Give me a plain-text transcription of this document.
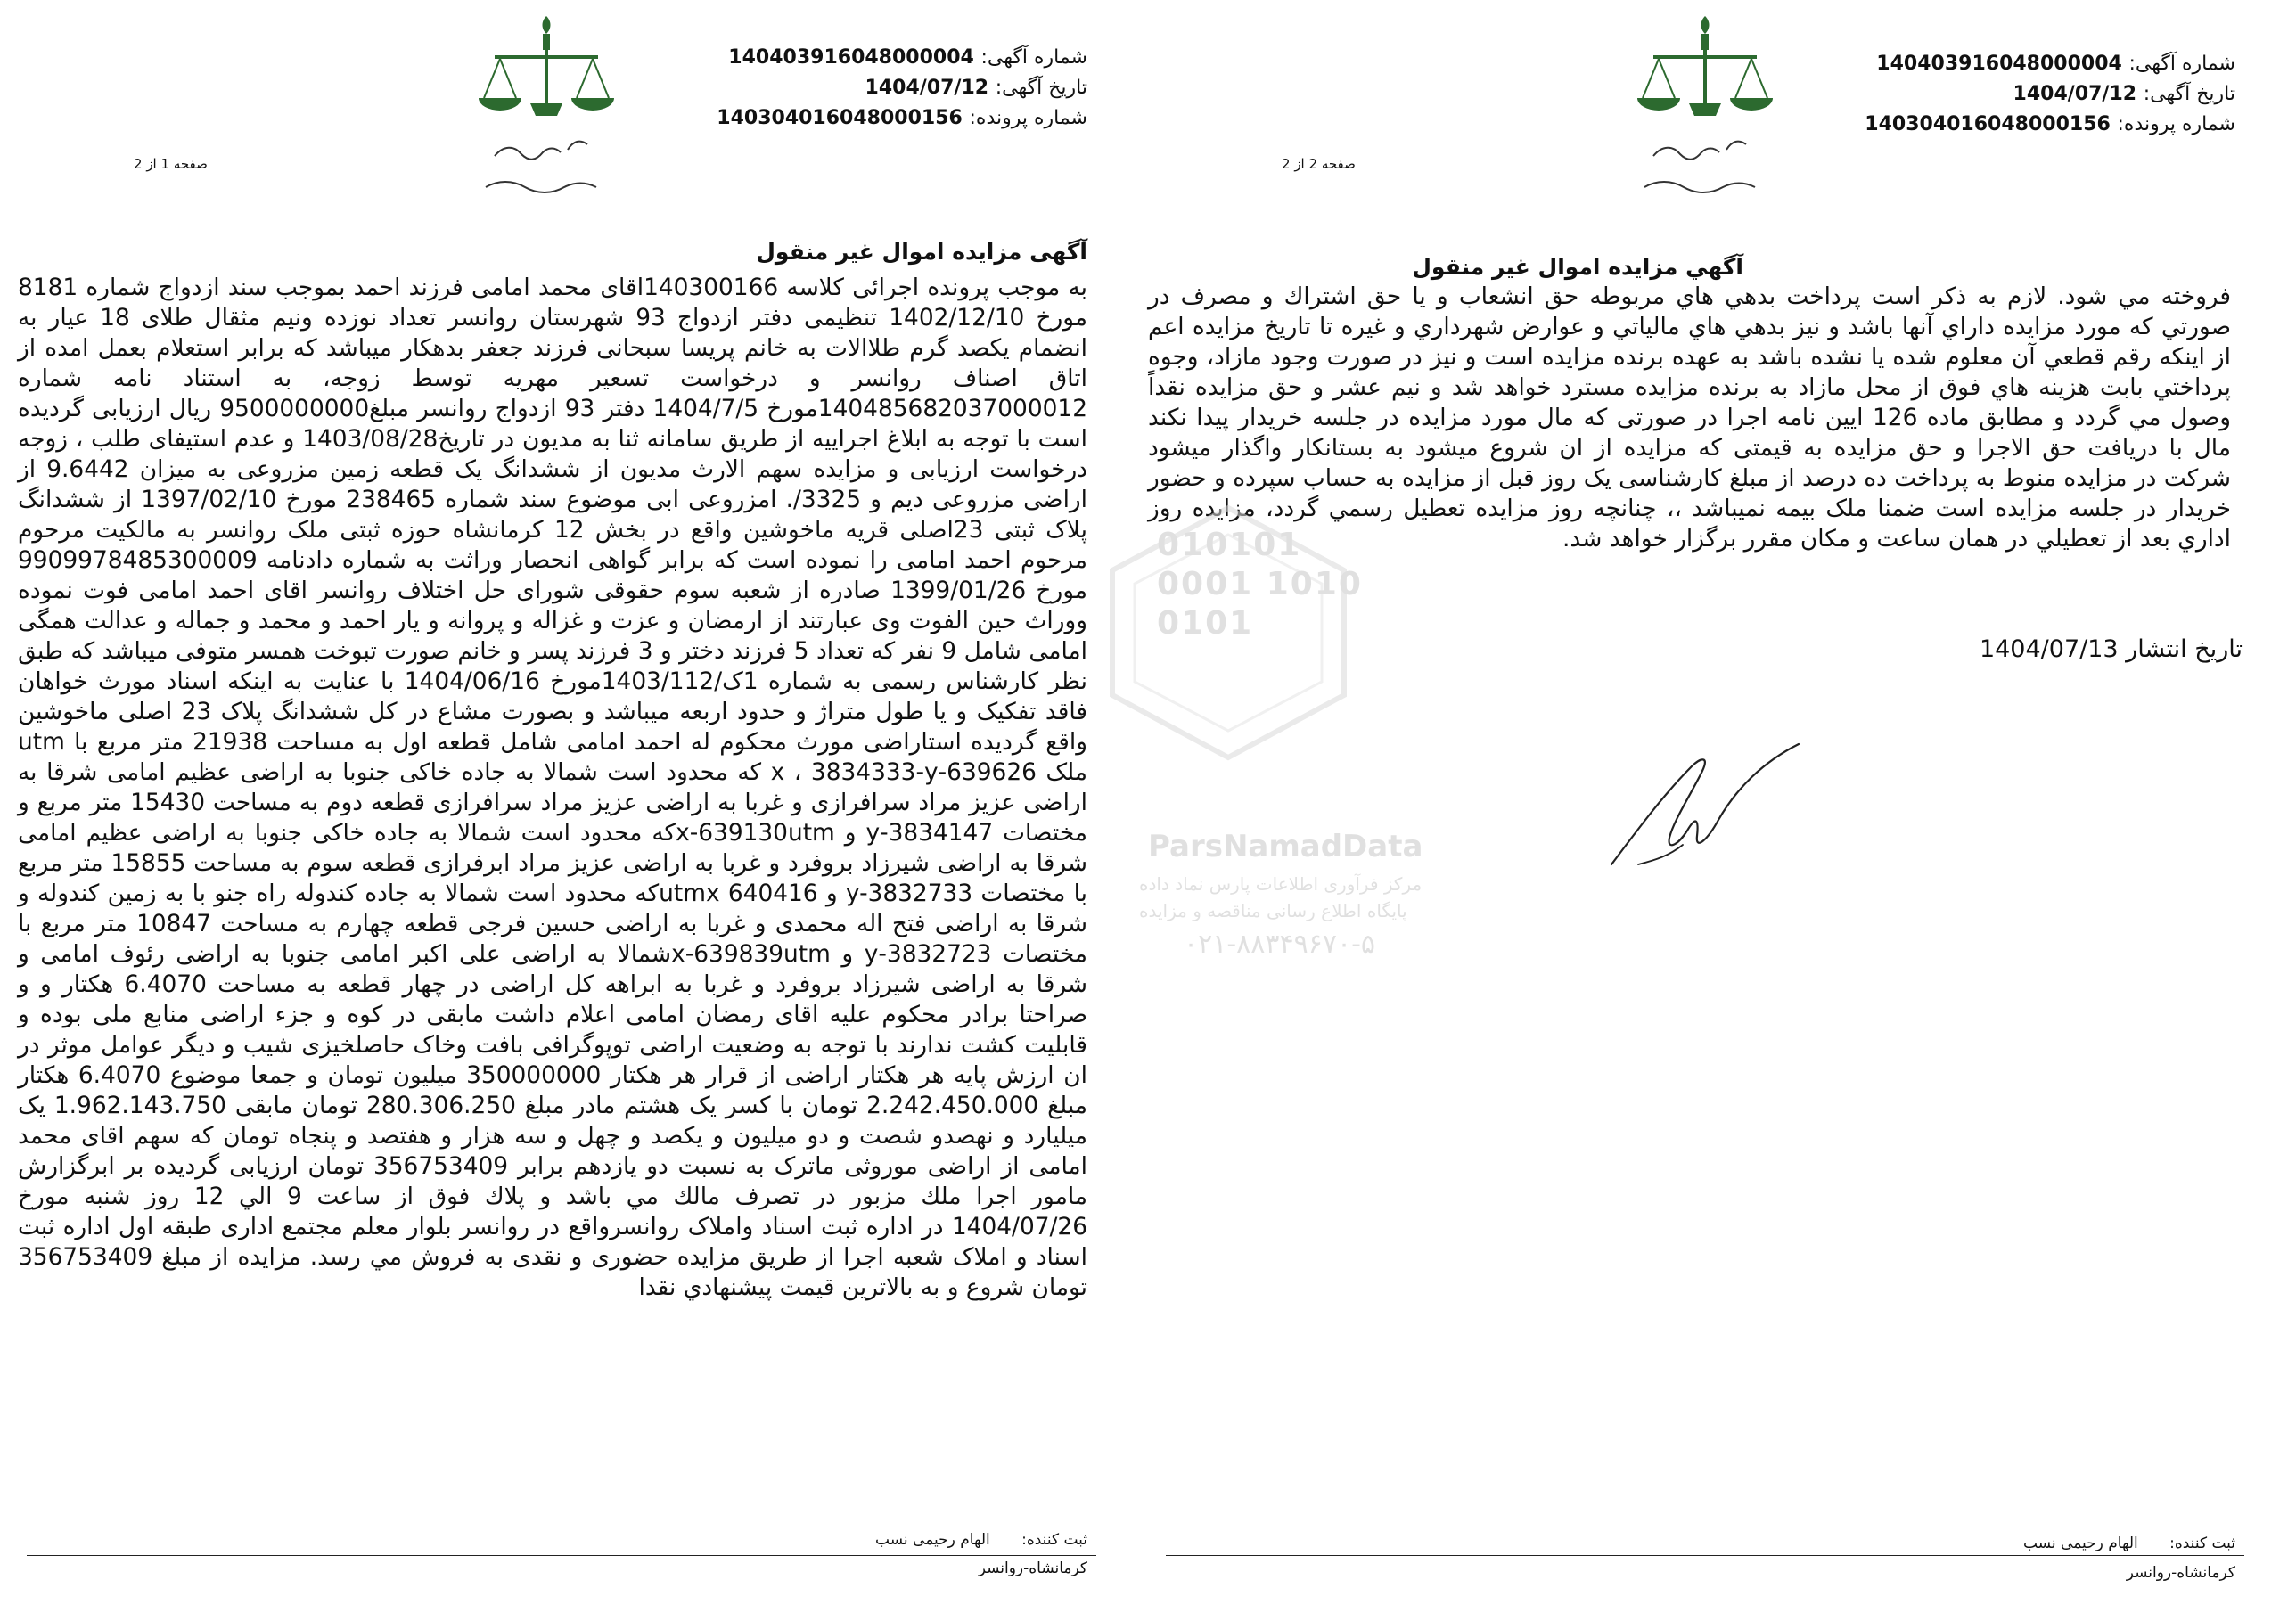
شماره آگهی: 140403916048000004
تاریخ آگهی: 1404/07/12
شماره پرونده: 140304016048000156
صفحه 1 از 2
آگهی مزایده اموال غیر منقول
به موجب پرونده اجرائی کلاسه 140300166اقای محمد امامی فرزند احمد بموجب سند ازدواج شماره 8181 مورخ 1402/12/10 تنظیمی دفتر ازدواج 93 شهرستان روانسر تعداد نوزده ونیم مثقال طلای 18 عیار به انضمام یکصد گرم طلاالات به خانم پریسا سبحانی فرزند جعفر بدهکار میباشد که برابر استعلام بعمل امده از اتاق اصناف روانسر و درخواست تسعیر مهریه توسط زوجه، به استناد نامه شماره 140485682037000012مورخ 1404/7/5 دفتر 93 ازدواج روانسر مبلغ9500000000 ریال ارزیابی گردیده است با توجه به ابلاغ اجراییه از طریق سامانه ثنا به مدیون در تاریخ1403/08/28 و عدم استیفای طلب ، زوجه درخواست ارزیابی و مزایده سهم الارث مدیون از ششدانگ یک قطعه زمین مزروعی به میزان 9.6442 از اراضی مزروعی دیم و 3325/. امزروعی ابی موضوع سند شماره 238465 مورخ 1397/02/10 از ششدانگ پلاک ثبتی 23اصلی قریه ماخوشین واقع در بخش 12 کرمانشاه حوزه ثبتی ملک روانسر به مالکیت مرحوم مرحوم احمد امامی را نموده است که برابر گواهی انحصار وراثت به شماره دادنامه 9909978485300009 مورخ 1399/01/26 صادره از شعبه سوم حقوقی شورای حل اختلاف روانسر اقای احمد امامی فوت نموده ووراث حین الفوت وی عبارتند از ارمضان و عزت و غزاله و پروانه و یار احمد و محمد و جماله و عدالت همگی امامی شامل 9 نفر که تعداد 5 فرزند دختر و 3 فرزند پسر و خانم صورت تبوخت همسر متوفی میباشد که طبق نظر کارشناس رسمی به شماره 1ک/1403/112مورخ 1404/06/16 با عنایت به اینکه اسناد مورث خواهان فاقد تفکیک و یا طول متراژ و حدود اربعه میباشد و بصورت مشاع در کل ششدانگ پلاک 23 اصلی ماخوشین واقع گردیده استاراضی مورث محکوم له احمد امامی شامل قطعه اول به مساحت 21938 متر مربع با utm ملک 639626-x ، 3834333-y که محدود است شمالا به جاده خاکی جنوبا به اراضی عظیم امامی شرقا به اراضی عزیز مراد سرافرازی و غربا به اراضی عزیز مراد سرافرازی قطعه دوم به مساحت 15430 متر مربع و مختصات 3834147-y و x-639130utmکه محدود است شمالا به جاده خاکی جنوبا به اراضی عظیم امامی شرقا به اراضی شیرزاد بروفرد و غربا به اراضی عزیز مراد ابرفرازی قطعه سوم به مساحت 15855 متر مربع با مختصات y-3832733 و 640416 utmxکه محدود است شمالا به جاده کندوله راه جنو با به زمین کندوله و شرقا به اراضی فتح اله محمدی و غربا به اراضی حسین فرجی قطعه چهارم به مساحت 10847 متر مربع با مختصات 3832723-y و x-639839utmشمالا به اراضی علی اکبر امامی جنوبا به اراضی رئوف امامی و شرقا به اراضی شیرزاد بروفرد و غربا به ابراهه کل اراضی در چهار قطعه به مساحت 6.4070 هکتار و و صراحتا برادر محکوم علیه اقای رمضان امامی اعلام داشت مابقی در کوه و جزء اراضی منابع ملی بوده و قابلیت کشت ندارند با توجه به وضعیت اراضی توپوگرافی بافت وخاک حاصلخیزی شیب و دیگر عوامل موثر در ان ارزش پایه هر هکتار اراضی از قرار هر هکتار 350000000 میلیون تومان و جمعا موضوع 6.4070 هکتار مبلغ 2.242.450.000 تومان با کسر یک هشتم مادر مبلغ 280.306.250 تومان مابقی 1.962.143.750 یک میلیارد و نهصدو شصت و دو میلیون و یکصد و چهل و سه هزار و هفتصد و پنجاه تومان که سهم اقای محمد امامی از اراضی موروثی ماترک به نسبت دو یازدهم برابر 356753409 تومان ارزیابی گردیده بر ابرگزارش مامور اجرا ملك مزبور در تصرف مالك مي باشد و پلاك فوق از ساعت 9 الي 12 روز شنبه مورخ 1404/07/26 در اداره ثبت اسناد واملاک روانسرواقع در روانسر بلوار معلم مجتمع اداری طبقه اول اداره ثبت اسناد و املاک شعبه اجرا از طریق مزایده حضوری و نقدی به فروش مي رسد. مزایده از مبلغ 356753409 تومان شروع و به بالاترين قيمت پيشنهادي نقدا
ثبت کننده: الهام رحیمی نسب
کرمانشاه-روانسر
شماره آگهی: 140403916048000004
تاریخ آگهی: 1404/07/12
شماره پرونده: 140304016048000156
صفحه 2 از 2
آگهي مزايده اموال غير منقول
فروخته مي شود. لازم به ذكر است پرداخت بدهي هاي مربوطه حق انشعاب و يا حق اشتراك و مصرف در صورتي كه مورد مزايده داراي آنها باشد و نيز بدهي هاي مالياتي و عوارض شهرداري و غيره تا تاريخ مزايده اعم از اينكه رقم قطعي آن معلوم شده يا نشده باشد به عهده برنده مزايده است و نيز در صورت وجود مازاد، وجوه پرداختي بابت هزينه هاي فوق از محل مازاد به برنده مزايده مسترد خواهد شد و نيم عشر و حق مزايده نقداً وصول مي گردد و مطابق ماده 126 ایین نامه اجرا در صورتی که مال مورد مزایده در جلسه خریدار پیدا نکند مال با دریافت حق الاجرا و حق مزایده به قیمتی که مزایده از ان شروع میشود به بستانکار واگذار میشود شرکت در مزایده منوط به پرداخت ده درصد از مبلغ کارشناسی یک روز قبل از مزایده به حساب سپرده و حضور خریدار در جلسه مزایده است ضمنا ملک بیمه نمیباشد ،، چنانچه روز مزايده تعطيل رسمي گردد، مزايده روز اداري بعد از تعطيلي در همان ساعت و مكان مقرر برگزار خواهد شد.
تاریخ انتشار 1404/07/13
010101 0001 1010 0101
ParsNamadData
مرکز فرآوری اطلاعات پارس نماد داده
پایگاه اطلاع رسانی مناقصه و مزایده
۰۲۱-۸۸۳۴۹۶۷۰-۵
ثبت کننده: الهام رحیمی نسب
کرمانشاه-روانسر
